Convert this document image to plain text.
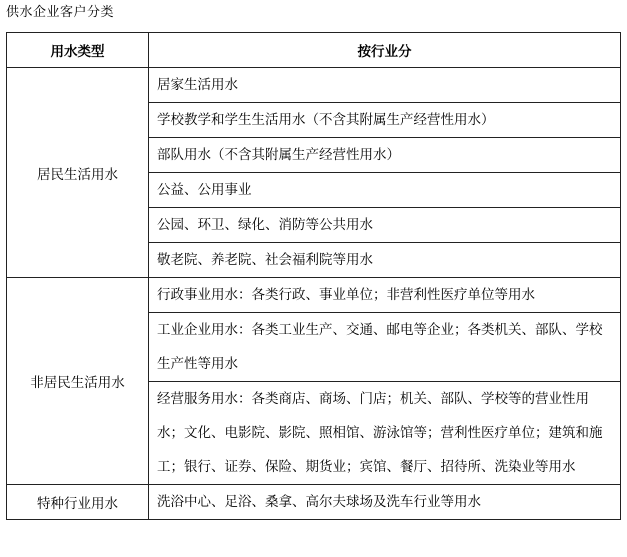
供水企业客户分类
用水类型	按行业分
居民生活用水	居家生活用水
	学校教学和学生生活用水（不含其附属生产经营性用水）
	部队用水（不含其附属生产经营性用水）
	公益、公用事业
	公园、环卫、绿化、消防等公共用水
	敬老院、养老院、社会福利院等用水
非居民生活用水	行政事业用水：各类行政、事业单位；非营利性医疗单位等用水
	工业企业用水：各类工业生产、交通、邮电等企业；各类机关、部队、学校生产性等用水
	经营服务用水：各类商店、商场、门店；机关、部队、学校等的营业性用水；文化、电影院、影院、照相馆、游泳馆等；营利性医疗单位；建筑和施工；银行、证券、保险、期货业；宾馆、餐厅、招待所、洗染业等用水
特种行业用水	洗浴中心、足浴、桑拿、高尔夫球场及洗车行业等用水
